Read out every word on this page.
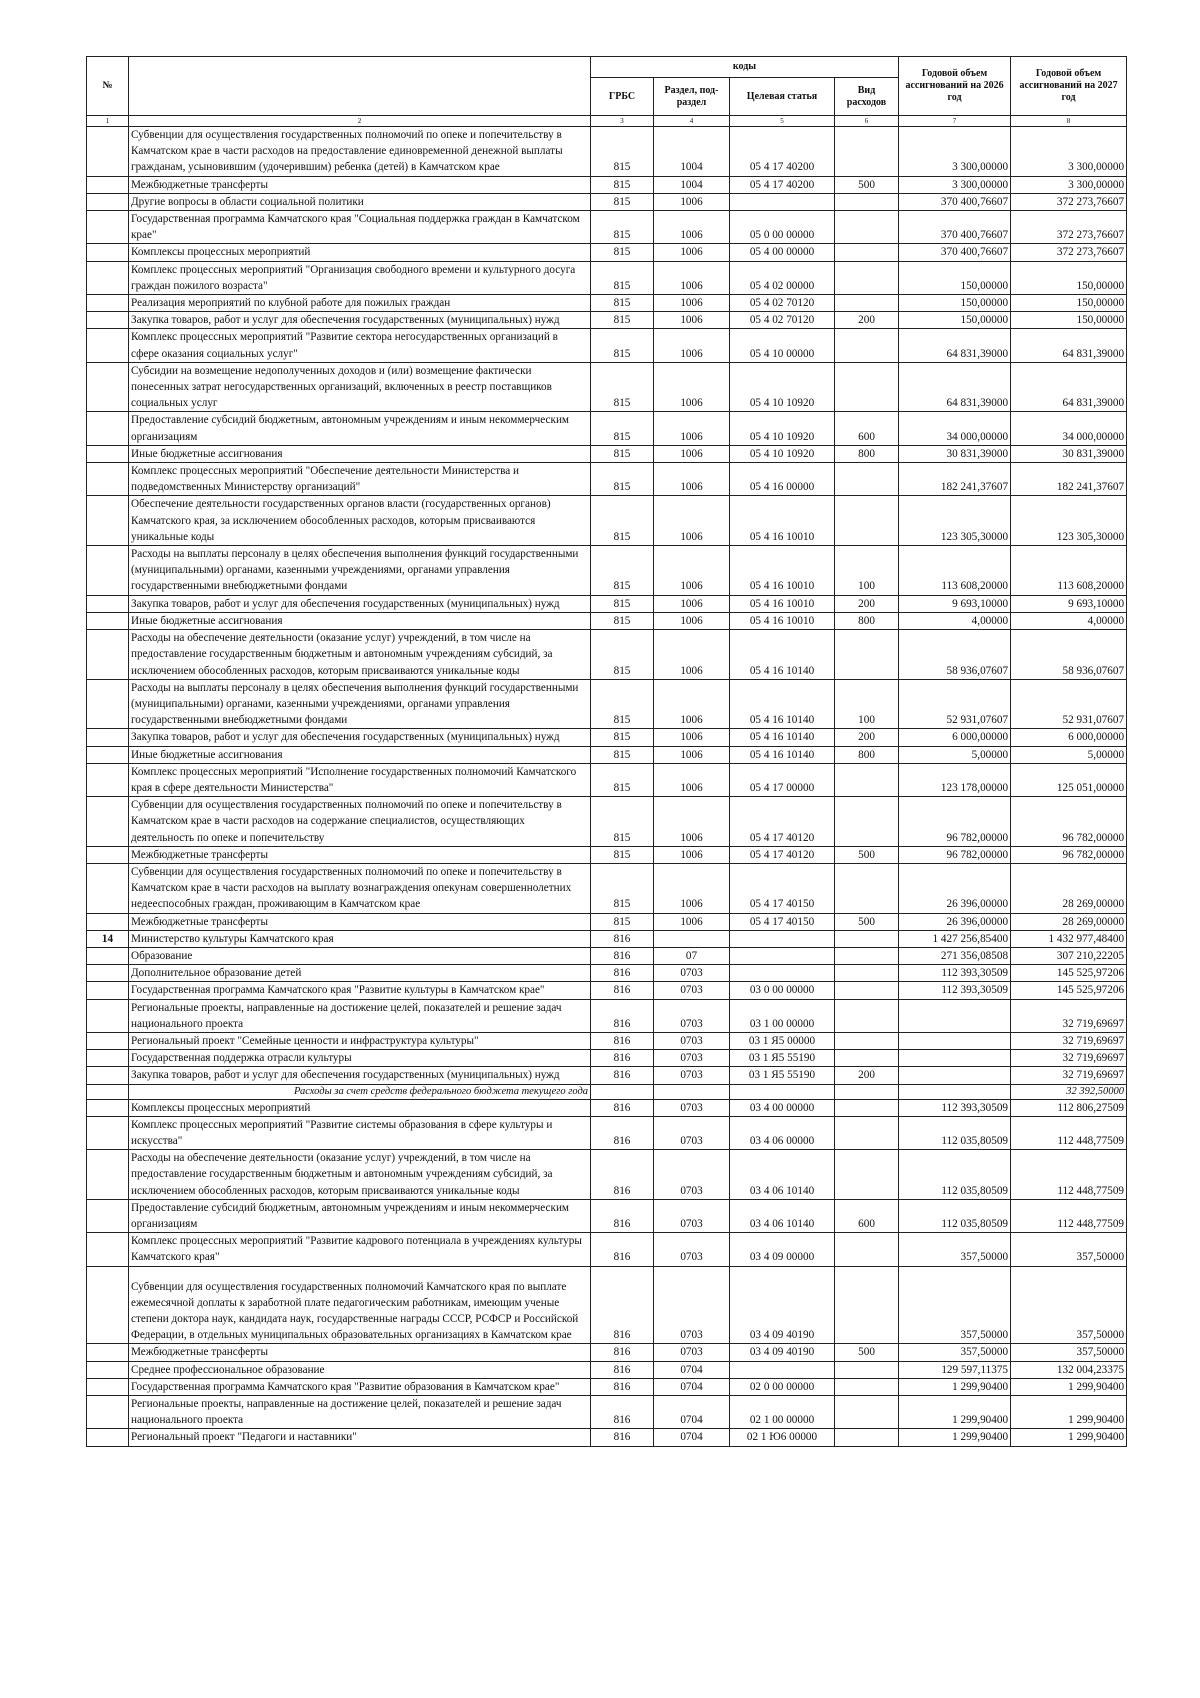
№		коды				Годовой объем ассигнований на 2026 год	Годовой объем ассигнований на 2027 год
		ГРБС	Раздел, под-раздел	Целевая статья	Вид расходов		
1	2	3	4	5	6	7	8
	Субвенции для осуществления государственных полномочий по опеке и попечительству в Камчатском крае в части расходов на предоставление единовременной денежной выплаты гражданам, усыновившим (удочерившим) ребенка (детей) в Камчатском крае	815	1004	05 4 17 40200		3 300,00000	3 300,00000
	Межбюджетные трансферты	815	1004	05 4 17 40200	500	3 300,00000	3 300,00000
	Другие вопросы в области социальной политики	815	1006			370 400,76607	372 273,76607
	Государственная программа Камчатского края "Социальная поддержка граждан в Камчатском крае"	815	1006	05 0 00 00000		370 400,76607	372 273,76607
	Комплексы процессных мероприятий	815	1006	05 4 00 00000		370 400,76607	372 273,76607
	Комплекс процессных мероприятий "Организация свободного времени и культурного досуга граждан пожилого возраста"	815	1006	05 4 02 00000		150,00000	150,00000
	Реализация мероприятий по клубной работе для пожилых граждан	815	1006	05 4 02 70120		150,00000	150,00000
	Закупка товаров, работ и услуг для обеспечения государственных (муниципальных) нужд	815	1006	05 4 02 70120	200	150,00000	150,00000
	Комплекс процессных мероприятий "Развитие сектора негосударственных организаций в сфере оказания социальных услуг"	815	1006	05 4 10 00000		64 831,39000	64 831,39000
	Субсидии на возмещение недополученных доходов и (или) возмещение фактически понесенных затрат негосударственных организаций, включенных в реестр поставщиков социальных услуг	815	1006	05 4 10 10920		64 831,39000	64 831,39000
	Предоставление субсидий бюджетным, автономным учреждениям и иным некоммерческим организациям	815	1006	05 4 10 10920	600	34 000,00000	34 000,00000
	Иные бюджетные ассигнования	815	1006	05 4 10 10920	800	30 831,39000	30 831,39000
	Комплекс процессных мероприятий "Обеспечение деятельности Министерства и подведомственных Министерству организаций"	815	1006	05 4 16 00000		182 241,37607	182 241,37607
	Обеспечение деятельности государственных органов власти (государственных органов) Камчатского края, за исключением обособленных расходов, которым присваиваются уникальные коды	815	1006	05 4 16 10010		123 305,30000	123 305,30000
	Расходы на выплаты персоналу в целях обеспечения выполнения функций государственными (муниципальными) органами, казенными учреждениями, органами управления государственными внебюджетными фондами	815	1006	05 4 16 10010	100	113 608,20000	113 608,20000
	Закупка товаров, работ и услуг для обеспечения государственных (муниципальных) нужд	815	1006	05 4 16 10010	200	9 693,10000	9 693,10000
	Иные бюджетные ассигнования	815	1006	05 4 16 10010	800	4,00000	4,00000
	Расходы на обеспечение деятельности (оказание услуг) учреждений, в том числе на предоставление государственным бюджетным и автономным учреждениям субсидий, за исключением обособленных расходов, которым присваиваются уникальные коды	815	1006	05 4 16 10140		58 936,07607	58 936,07607
	Расходы на выплаты персоналу в целях обеспечения выполнения функций государственными (муниципальными) органами, казенными учреждениями, органами управления государственными внебюджетными фондами	815	1006	05 4 16 10140	100	52 931,07607	52 931,07607
	Закупка товаров, работ и услуг для обеспечения государственных (муниципальных) нужд	815	1006	05 4 16 10140	200	6 000,00000	6 000,00000
	Иные бюджетные ассигнования	815	1006	05 4 16 10140	800	5,00000	5,00000
	Комплекс процессных мероприятий "Исполнение государственных полномочий Камчатского края в сфере деятельности Министерства"	815	1006	05 4 17 00000		123 178,00000	125 051,00000
	Субвенции для осуществления государственных полномочий по опеке и попечительству в Камчатском крае в части расходов на содержание специалистов, осуществляющих деятельность по опеке и попечительству	815	1006	05 4 17 40120		96 782,00000	96 782,00000
	Межбюджетные трансферты	815	1006	05 4 17 40120	500	96 782,00000	96 782,00000
	Субвенции для осуществления государственных полномочий по опеке и попечительству в Камчатском крае в части расходов на выплату вознаграждения опекунам совершеннолетних недееспособных граждан, проживающим в Камчатском крае	815	1006	05 4 17 40150		26 396,00000	28 269,00000
	Межбюджетные трансферты	815	1006	05 4 17 40150	500	26 396,00000	28 269,00000
14	Министерство культуры Камчатского края	816				1 427 256,85400	1 432 977,48400
	Образование	816	07			271 356,08508	307 210,22205
	Дополнительное образование детей	816	0703			112 393,30509	145 525,97206
	Государственная программа Камчатского края "Развитие культуры в Камчатском крае"	816	0703	03 0 00 00000		112 393,30509	145 525,97206
	Региональные проекты, направленные на достижение целей, показателей и решение задач национального проекта	816	0703	03 1 00 00000			32 719,69697
	Региональный проект "Семейные ценности и инфраструктура культуры"	816	0703	03 1 Я5 00000			32 719,69697
	Государственная поддержка отрасли культуры	816	0703	03 1 Я5 55190			32 719,69697
	Закупка товаров, работ и услуг для обеспечения государственных (муниципальных) нужд	816	0703	03 1 Я5 55190	200		32 719,69697
	Расходы за счет средств федерального бюджета текущего года						32 392,50000
	Комплексы процессных мероприятий	816	0703	03 4 00 00000		112 393,30509	112 806,27509
	Комплекс процессных мероприятий "Развитие системы образования в сфере культуры и искусства"	816	0703	03 4 06 00000		112 035,80509	112 448,77509
	Расходы на обеспечение деятельности (оказание услуг) учреждений, в том числе на предоставление государственным бюджетным и автономным учреждениям субсидий, за исключением обособленных расходов, которым присваиваются уникальные коды	816	0703	03 4 06 10140		112 035,80509	112 448,77509
	Предоставление субсидий бюджетным, автономным учреждениям и иным некоммерческим организациям	816	0703	03 4 06 10140	600	112 035,80509	112 448,77509
	Комплекс процессных мероприятий "Развитие кадрового потенциала в учреждениях культуры Камчатского края"	816	0703	03 4 09 00000		357,50000	357,50000
	Субвенции для осуществления государственных полномочий Камчатского края по выплате ежемесячной доплаты к заработной плате педагогическим работникам, имеющим ученые степени доктора наук, кандидата наук, государственные награды СССР, РСФСР и Российской Федерации, в отдельных муниципальных образовательных организациях в Камчатском крае	816	0703	03 4 09 40190		357,50000	357,50000
	Межбюджетные трансферты	816	0703	03 4 09 40190	500	357,50000	357,50000
	Среднее профессиональное образование	816	0704			129 597,11375	132 004,23375
	Государственная программа Камчатского края "Развитие образования в Камчатском крае"	816	0704	02 0 00 00000		1 299,90400	1 299,90400
	Региональные проекты, направленные на достижение целей, показателей и решение задач национального проекта	816	0704	02 1 00 00000		1 299,90400	1 299,90400
	Региональный проект "Педагоги и наставники"	816	0704	02 1 Ю6 00000		1 299,90400	1 299,90400
